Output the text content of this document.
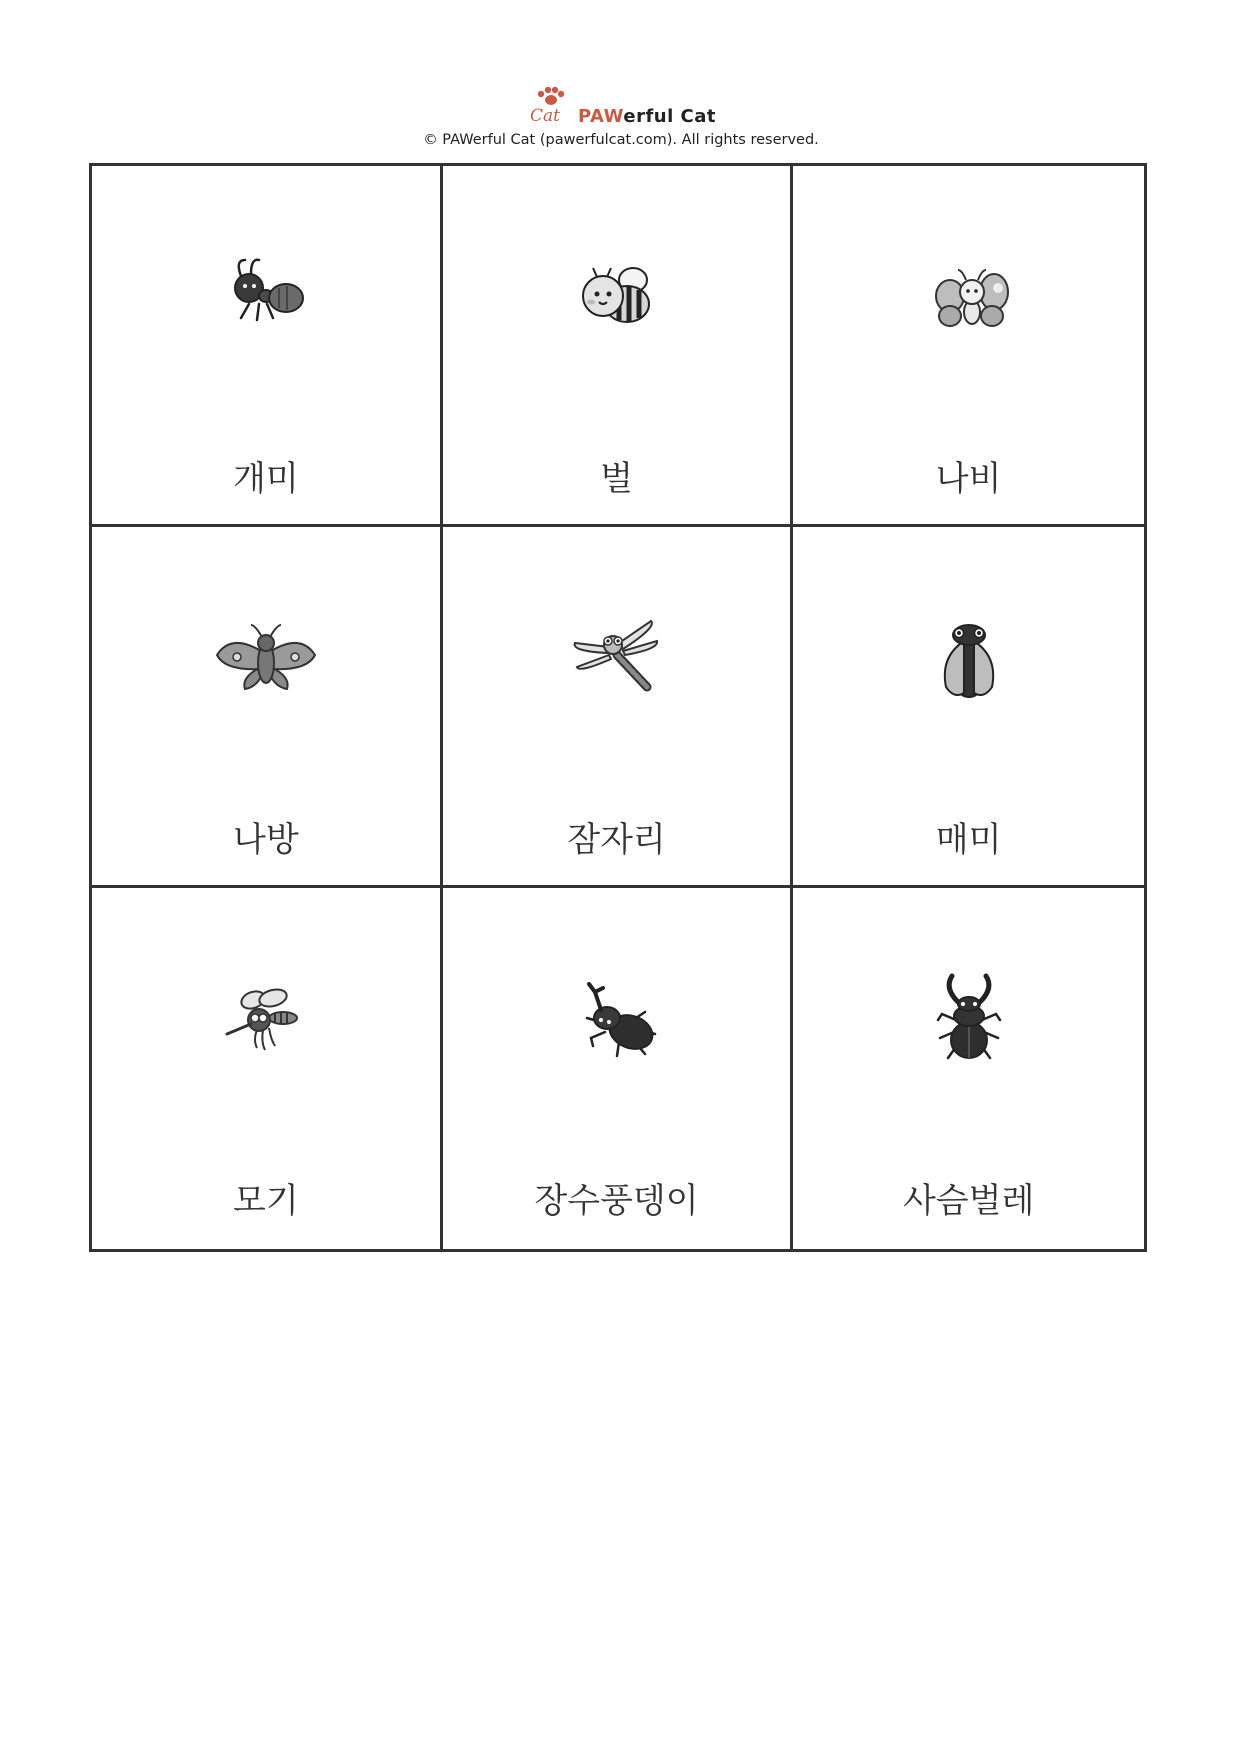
Cat PAWerful Cat
© PAWerful Cat (pawerfulcat.com). All rights reserved.
개미	벌	나비
나방	잠자리	매미
모기	장수풍뎅이	사슴벌레
